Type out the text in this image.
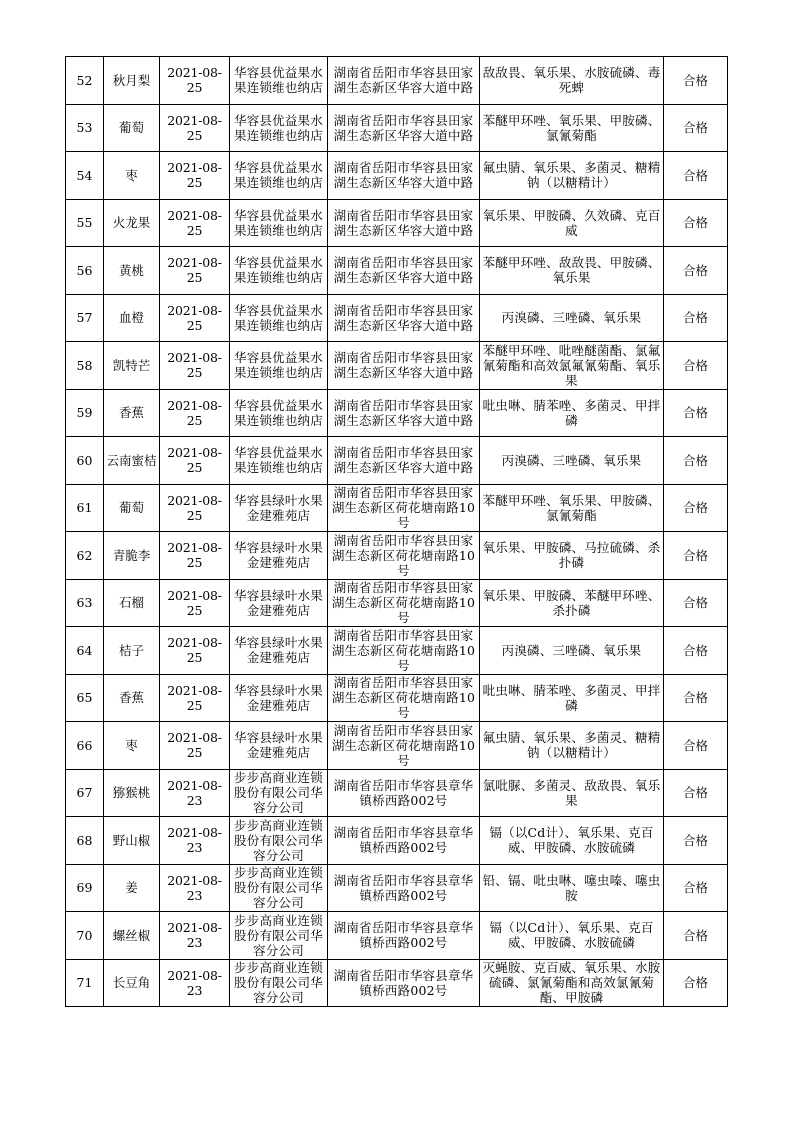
52	秋月梨	2021-08-25	华容县优益果水果连锁维也纳店	湖南省岳阳市华容县田家湖生态新区华容大道中路	敌敌畏、氧乐果、水胺硫磷、毒死蜱	合格
53	葡萄	2021-08-25	华容县优益果水果连锁维也纳店	湖南省岳阳市华容县田家湖生态新区华容大道中路	苯醚甲环唑、氧乐果、甲胺磷、氯氰菊酯	合格
54	枣	2021-08-25	华容县优益果水果连锁维也纳店	湖南省岳阳市华容县田家湖生态新区华容大道中路	氟虫腈、氧乐果、多菌灵、糖精钠（以糖精计）	合格
55	火龙果	2021-08-25	华容县优益果水果连锁维也纳店	湖南省岳阳市华容县田家湖生态新区华容大道中路	氧乐果、甲胺磷、久效磷、克百威	合格
56	黄桃	2021-08-25	华容县优益果水果连锁维也纳店	湖南省岳阳市华容县田家湖生态新区华容大道中路	苯醚甲环唑、敌敌畏、甲胺磷、氧乐果	合格
57	血橙	2021-08-25	华容县优益果水果连锁维也纳店	湖南省岳阳市华容县田家湖生态新区华容大道中路	丙溴磷、三唑磷、氧乐果	合格
58	凯特芒	2021-08-25	华容县优益果水果连锁维也纳店	湖南省岳阳市华容县田家湖生态新区华容大道中路	苯醚甲环唑、吡唑醚菌酯、氯氟氰菊酯和高效氯氟氰菊酯、氧乐果	合格
59	香蕉	2021-08-25	华容县优益果水果连锁维也纳店	湖南省岳阳市华容县田家湖生态新区华容大道中路	吡虫啉、腈苯唑、多菌灵、甲拌磷	合格
60	云南蜜桔	2021-08-25	华容县优益果水果连锁维也纳店	湖南省岳阳市华容县田家湖生态新区华容大道中路	丙溴磷、三唑磷、氧乐果	合格
61	葡萄	2021-08-25	华容县绿叶水果金建雅苑店	湖南省岳阳市华容县田家湖生态新区荷花塘南路10号	苯醚甲环唑、氧乐果、甲胺磷、氯氰菊酯	合格
62	青脆李	2021-08-25	华容县绿叶水果金建雅苑店	湖南省岳阳市华容县田家湖生态新区荷花塘南路10号	氧乐果、甲胺磷、马拉硫磷、杀扑磷	合格
63	石榴	2021-08-25	华容县绿叶水果金建雅苑店	湖南省岳阳市华容县田家湖生态新区荷花塘南路10号	氧乐果、甲胺磷、苯醚甲环唑、杀扑磷	合格
64	桔子	2021-08-25	华容县绿叶水果金建雅苑店	湖南省岳阳市华容县田家湖生态新区荷花塘南路10号	丙溴磷、三唑磷、氧乐果	合格
65	香蕉	2021-08-25	华容县绿叶水果金建雅苑店	湖南省岳阳市华容县田家湖生态新区荷花塘南路10号	吡虫啉、腈苯唑、多菌灵、甲拌磷	合格
66	枣	2021-08-25	华容县绿叶水果金建雅苑店	湖南省岳阳市华容县田家湖生态新区荷花塘南路10号	氟虫腈、氧乐果、多菌灵、糖精钠（以糖精计）	合格
67	猕猴桃	2021-08-23	步步高商业连锁股份有限公司华容分公司	湖南省岳阳市华容县章华镇桥西路002号	氯吡脲、多菌灵、敌敌畏、氧乐果	合格
68	野山椒	2021-08-23	步步高商业连锁股份有限公司华容分公司	湖南省岳阳市华容县章华镇桥西路002号	镉（以Cd计）、氧乐果、克百威、甲胺磷、水胺硫磷	合格
69	姜	2021-08-23	步步高商业连锁股份有限公司华容分公司	湖南省岳阳市华容县章华镇桥西路002号	铅、镉、吡虫啉、噻虫嗪、噻虫胺	合格
70	螺丝椒	2021-08-23	步步高商业连锁股份有限公司华容分公司	湖南省岳阳市华容县章华镇桥西路002号	镉（以Cd计）、氧乐果、克百威、甲胺磷、水胺硫磷	合格
71	长豆角	2021-08-23	步步高商业连锁股份有限公司华容分公司	湖南省岳阳市华容县章华镇桥西路002号	灭蝇胺、克百威、氧乐果、水胺硫磷、氯氰菊酯和高效氯氰菊酯、甲胺磷	合格
